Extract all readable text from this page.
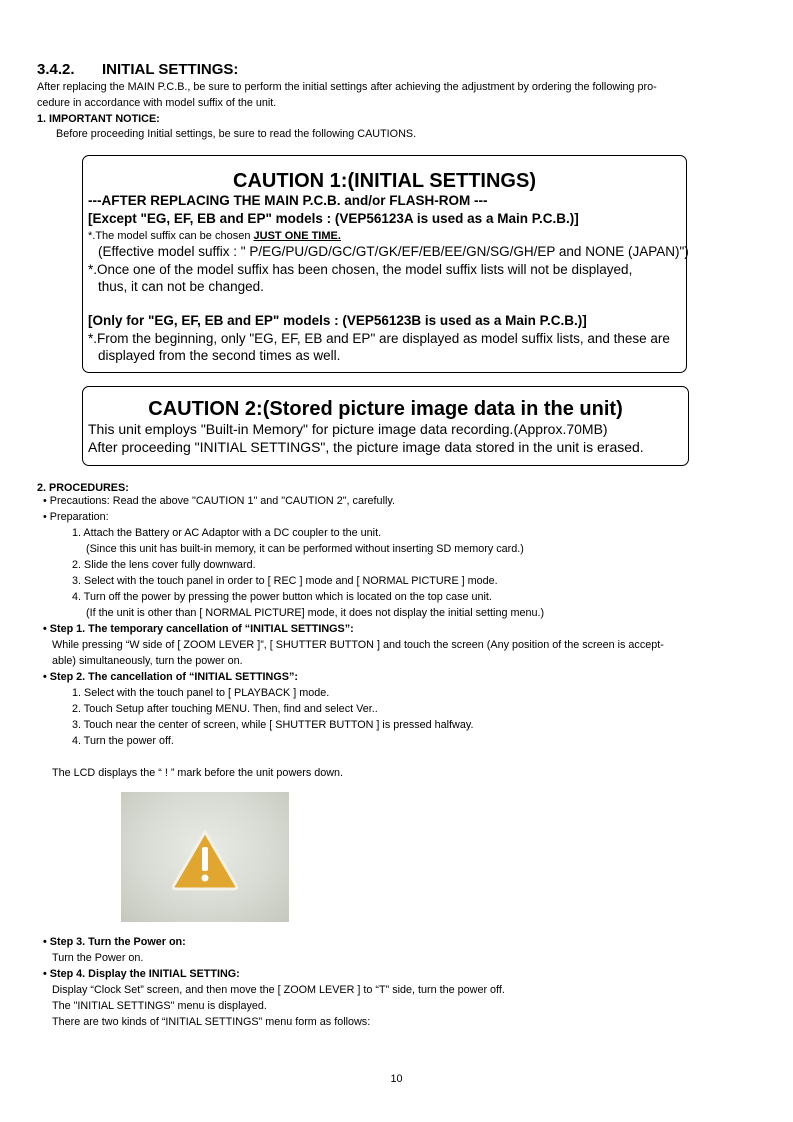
3.4.2. INITIAL SETTINGS:
After replacing the MAIN P.C.B., be sure to perform the initial settings after achieving the adjustment by ordering the following pro-
cedure in accordance with model suffix of the unit.
1. IMPORTANT NOTICE:
Before proceeding Initial settings, be sure to read the following CAUTIONS.
CAUTION 1:(INITIAL SETTINGS)
---AFTER REPLACING THE MAIN P.C.B. and/or FLASH-ROM ---
[Except "EG, EF, EB and EP" models : (VEP56123A is used as a Main P.C.B.)]
*.The model suffix can be chosen JUST ONE TIME.
(Effective model suffix : " P/EG/PU/GD/GC/GT/GK/EF/EB/EE/GN/SG/GH/EP and NONE (JAPAN)")
*.Once one of the model suffix has been chosen, the model suffix lists will not be displayed,
thus, it can not be changed.
[Only for "EG, EF, EB and EP" models : (VEP56123B is used as a Main P.C.B.)]
*.From the beginning, only "EG, EF, EB and EP" are displayed as model suffix lists, and these are
displayed from the second times as well.
CAUTION 2:(Stored picture image data in the unit)
This unit employs "Built-in Memory" for picture image data recording.(Approx.70MB)
After proceeding "INITIAL SETTINGS", the picture image data stored in the unit is erased.
2. PROCEDURES:
• Precautions: Read the above "CAUTION 1" and "CAUTION 2", carefully.
• Preparation:
1. Attach the Battery or AC Adaptor with a DC coupler to the unit.
(Since this unit has built-in memory, it can be performed without inserting SD memory card.)
2. Slide the lens cover fully downward.
3. Select with the touch panel in order to [ REC ] mode and [ NORMAL PICTURE ] mode.
4. Turn off the power by pressing the power button which is located on the top case unit.
(If the unit is other than [ NORMAL PICTURE] mode, it does not display the initial setting menu.)
• Step 1. The temporary cancellation of “INITIAL SETTINGS”:
While pressing “W side of [ ZOOM LEVER ]”, [ SHUTTER BUTTON ] and touch the screen (Any position of the screen is accept-
able) simultaneously, turn the power on.
• Step 2. The cancellation of “INITIAL SETTINGS”:
1. Select with the touch panel to [ PLAYBACK ] mode.
2. Touch Setup after touching MENU. Then, find and select Ver..
3. Touch near the center of screen, while [ SHUTTER BUTTON ] is pressed halfway.
4. Turn the power off.
The LCD displays the “ ! ” mark before the unit powers down.
• Step 3. Turn the Power on:
Turn the Power on.
• Step 4. Display the INITIAL SETTING:
Display “Clock Set” screen, and then move the [ ZOOM LEVER ] to “T” side, turn the power off.
The "INITIAL SETTINGS" menu is displayed.
There are two kinds of “INITIAL SETTINGS” menu form as follows:
10
